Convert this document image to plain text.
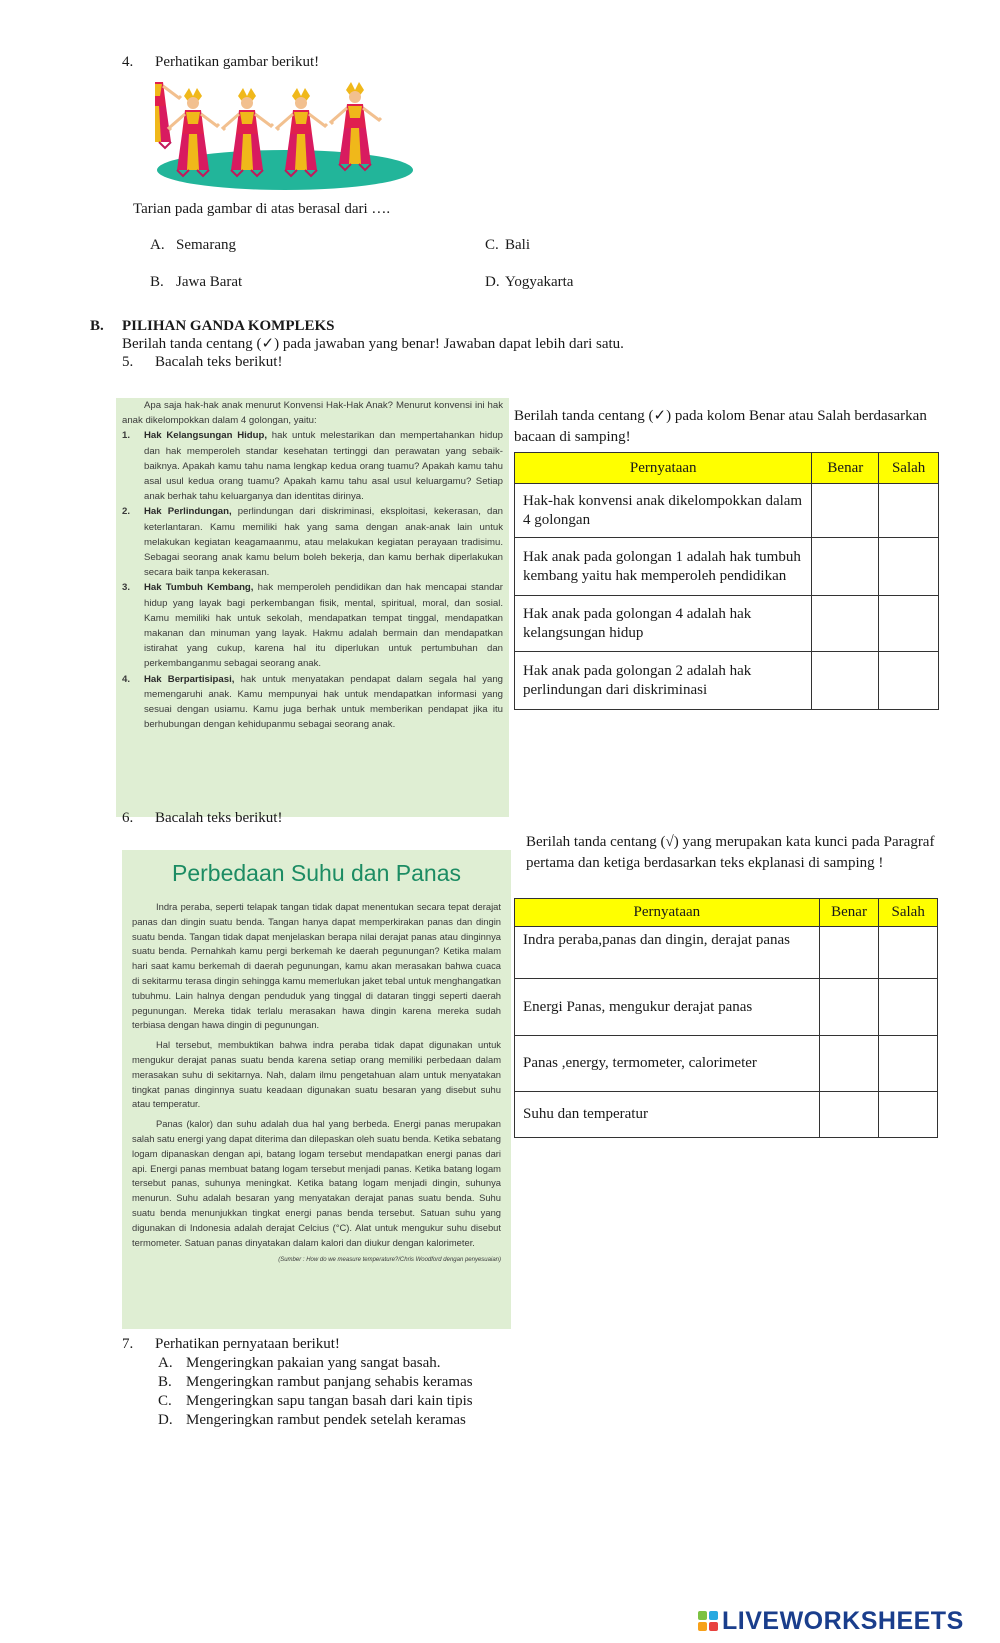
4. Perhatikan gambar berikut!
Tarian pada gambar di atas berasal dari ….
A. Semarang	C. Bali
B. Jawa Barat	D. Yogyakarta
B. PILIHAN GANDA KOMPLEKS
Berilah tanda centang (✓) pada jawaban yang benar! Jawaban dapat lebih dari satu.
5. Bacalah teks berikut!
Apa saja hak-hak anak menurut Konvensi Hak-Hak Anak? Menurut konvensi ini hak anak dikelompokkan dalam 4 golongan, yaitu:
1.	Hak Kelangsungan Hidup, hak untuk melestarikan dan mempertahankan hidup dan hak memperoleh standar kesehatan tertinggi dan perawatan yang sebaik-baiknya. Apakah kamu tahu nama lengkap kedua orang tuamu? Apakah kamu tahu asal usul kedua orang tuamu? Apakah kamu tahu asal usul keluargamu? Setiap anak berhak tahu keluarganya dan identitas dirinya.
2.	Hak Perlindungan, perlindungan dari diskriminasi, eksploitasi, kekerasan, dan keterlantaran. Kamu memiliki hak yang sama dengan anak-anak lain untuk melakukan kegiatan keagamaanmu, atau melakukan kegiatan perayaan tradisimu. Sebagai seorang anak kamu belum boleh bekerja, dan kamu berhak diperlakukan secara baik tanpa kekerasan.
3.	Hak Tumbuh Kembang, hak memperoleh pendidikan dan hak mencapai standar hidup yang layak bagi perkembangan fisik, mental, spiritual, moral, dan sosial. Kamu memiliki hak untuk sekolah, mendapatkan tempat tinggal, mendapatkan makanan dan minuman yang layak. Hakmu adalah bermain dan mendapatkan istirahat yang cukup, karena hal itu diperlukan untuk pertumbuhan dan perkembanganmu sebagai seorang anak.
4.	Hak Berpartisipasi, hak untuk menyatakan pendapat dalam segala hal yang memengaruhi anak. Kamu mempunyai hak untuk mendapatkan informasi yang sesuai dengan usiamu. Kamu juga berhak untuk memberikan pendapat jika itu berhubungan dengan kehidupanmu sebagai seorang anak.
Berilah tanda centang (✓) pada kolom Benar atau Salah berdasarkan bacaan di samping!
Pernyataan	Benar	Salah
Hak-hak konvensi anak dikelompokkan dalam 4 golongan		
Hak anak pada golongan 1 adalah hak tumbuh kembang yaitu hak memperoleh pendidikan		
Hak anak pada golongan 4 adalah hak kelangsungan hidup		
Hak anak pada golongan 2 adalah hak perlindungan dari diskriminasi		
6. Bacalah teks berikut!
Perbedaan Suhu dan Panas

Indra peraba, seperti telapak tangan tidak dapat menentukan secara tepat derajat panas dan dingin suatu benda. Tangan hanya dapat memperkirakan panas dan dingin suatu benda. Tangan tidak dapat menjelaskan berapa nilai derajat panas atau dinginnya suatu benda. Pernahkah kamu pergi berkemah ke daerah pegunungan? Ketika malam hari saat kamu berkemah di daerah pegunungan, kamu akan merasakan bahwa cuaca di sekitarmu terasa dingin sehingga kamu memerlukan jaket tebal untuk menghangatkan tubuhmu. Lain halnya dengan penduduk yang tinggal di dataran tinggi seperti daerah pegunungan. Mereka tidak terlalu merasakan hawa dingin karena mereka sudah terbiasa dengan hawa dingin di pegunungan.

Hal tersebut, membuktikan bahwa indra peraba tidak dapat digunakan untuk mengukur derajat panas suatu benda karena setiap orang memiliki perbedaan dalam merasakan suhu di sekitarnya. Nah, dalam ilmu pengetahuan alam untuk menyatakan tingkat panas dinginnya suatu keadaan digunakan suatu besaran yang disebut suhu atau temperatur.

Panas (kalor) dan suhu adalah dua hal yang berbeda. Energi panas merupakan salah satu energi yang dapat diterima dan dilepaskan oleh suatu benda. Ketika sebatang logam dipanaskan dengan api, batang logam tersebut mendapatkan energi panas dari api. Energi panas membuat batang logam tersebut menjadi panas. Ketika batang logam tersebut panas, suhunya meningkat. Ketika batang logam menjadi dingin, suhunya menurun. Suhu adalah besaran yang menyatakan derajat panas suatu benda. Suhu suatu benda menunjukkan tingkat energi panas benda tersebut. Satuan suhu yang digunakan di Indonesia adalah derajat Celcius (°C). Alat untuk mengukur suhu disebut termometer. Satuan panas dinyatakan dalam kalori dan diukur dengan kalorimeter.

(Sumber : How do we measure temperature?/Chris Woodford dengan penyesuaian)

Berilah tanda centang (√) yang merupakan kata kunci pada Paragraf pertama dan ketiga berdasarkan teks ekplanasi di samping !
Pernyataan	Benar	Salah
Indra peraba,panas dan dingin, derajat panas		
Energi Panas, mengukur derajat panas		
Panas ,energy, termometer, calorimeter		
Suhu dan temperatur		
7. Perhatikan pernyataan berikut!
A. Mengeringkan pakaian yang sangat basah.
B. Mengeringkan rambut panjang sehabis keramas
C. Mengeringkan sapu tangan basah dari kain tipis
D. Mengeringkan rambut pendek setelah keramas
LIVEWORKSHEETS
